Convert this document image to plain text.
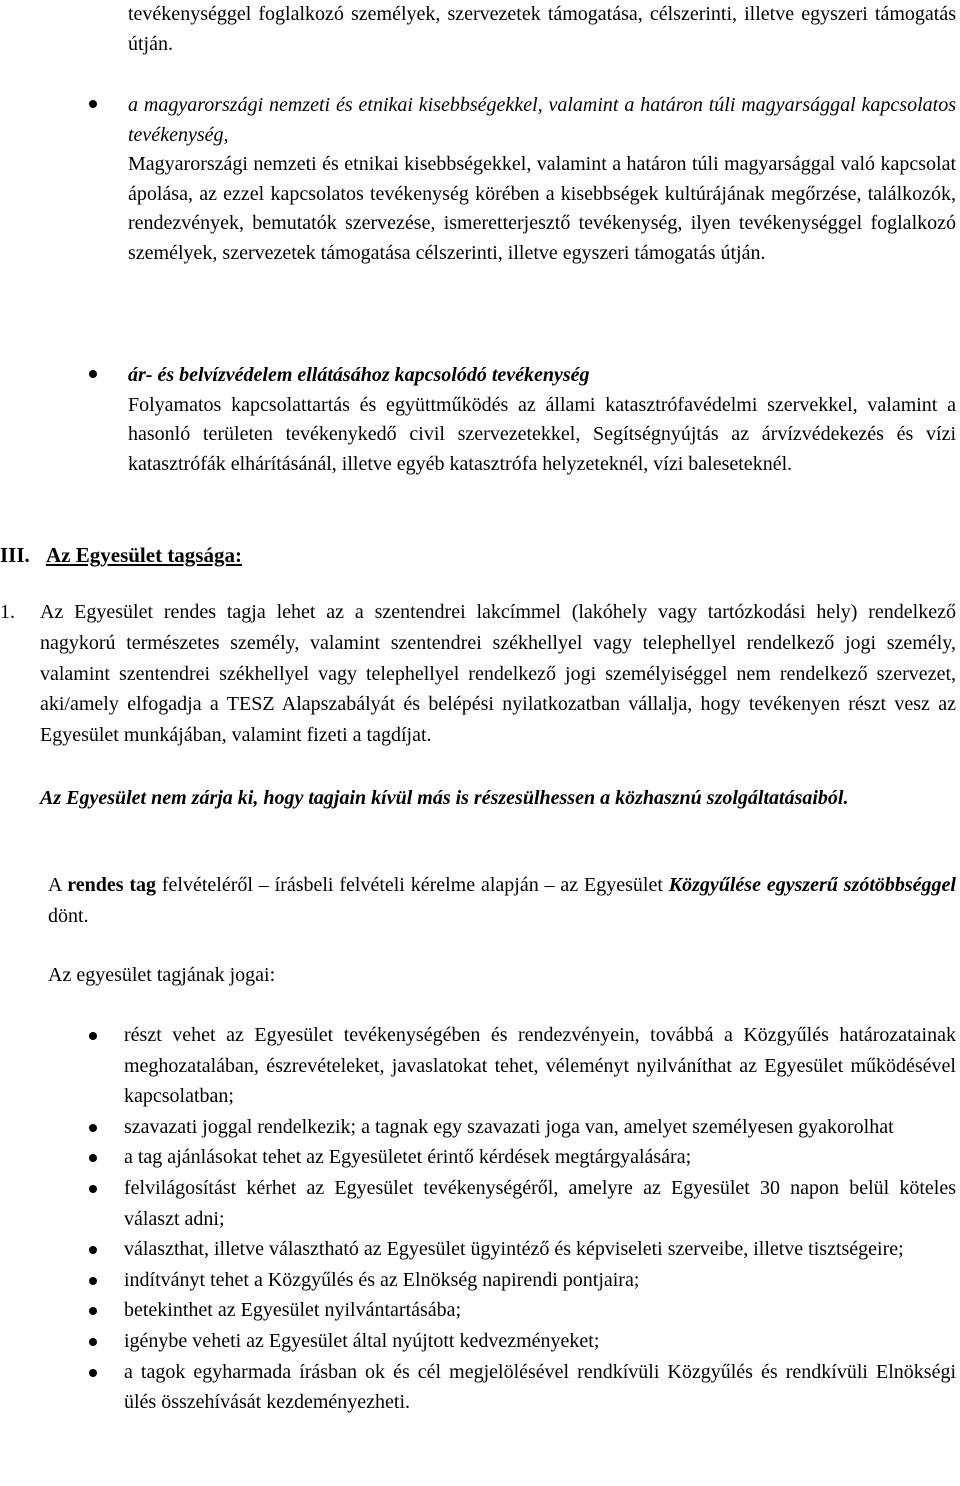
tevékenységgel foglalkozó személyek, szervezetek támogatása, célszerinti, illetve egyszeri támogatás útján.

a magyarországi nemzeti és etnikai kisebbségekkel, valamint a határon túli magyarsággal kapcsolatos tevékenység,
Magyarországi nemzeti és etnikai kisebbségekkel, valamint a határon túli magyarsággal való kapcsolat ápolása, az ezzel kapcsolatos tevékenység körében a kisebbségek kultúrájának megőrzése, találkozók, rendezvények, bemutatók szervezése, ismeretterjesztő tevékenység, ilyen tevékenységgel foglalkozó személyek, szervezetek támogatása célszerinti, illetve egyszeri támogatás útján.

ár- és belvízvédelem ellátásához kapcsolódó tevékenység
Folyamatos kapcsolattartás és együttműködés az állami katasztrófavédelmi szervekkel, valamint a hasonló területen tevékenykedő civil szervezetekkel, Segítségnyújtás az árvízvédekezés és vízi katasztrófák elhárításánál, illetve egyéb katasztrófa helyzeteknél, vízi baleseteknél.

III. Az Egyesület tagsága:
1. Az Egyesület rendes tagja lehet az a szentendrei lakcímmel (lakóhely vagy tartózkodási hely) rendelkező nagykorú természetes személy, valamint szentendrei székhellyel vagy telephellyel rendelkező jogi személy, valamint szentendrei székhellyel vagy telephellyel rendelkező jogi személyiséggel nem rendelkező szervezet, aki/amely elfogadja a TESZ Alapszabályát és belépési nyilatkozatban vállalja, hogy tevékenyen részt vesz az Egyesület munkájában, valamint fizeti a tagdíjat.
Az Egyesület nem zárja ki, hogy tagjain kívül más is részesülhessen a közhasznú szolgáltatásaiból.
A rendes tag felvételéről – írásbeli felvételi kérelme alapján – az Egyesület Közgyűlése egyszerű szótöbbséggel dönt.
Az egyesület tagjának jogai:
részt vehet az Egyesület tevékenységében és rendezvényein, továbbá a Közgyűlés határozatainak meghozatalában, észrevételeket, javaslatokat tehet, véleményt nyilváníthat az Egyesület működésével kapcsolatban;
szavazati joggal rendelkezik; a tagnak egy szavazati joga van, amelyet személyesen gyakorolhat
a tag ajánlásokat tehet az Egyesületet érintő kérdések megtárgyalására;
felvilágosítást kérhet az Egyesület tevékenységéről, amelyre az Egyesület 30 napon belül köteles választ adni;
választhat, illetve választható az Egyesület ügyintéző és képviseleti szerveibe, illetve tisztségeire;
indítványt tehet a Közgyűlés és az Elnökség napirendi pontjaira;
betekinthet az Egyesület nyilvántartásába;
igénybe veheti az Egyesület által nyújtott kedvezményeket;
a tagok egyharmada írásban ok és cél megjelölésével rendkívüli Közgyűlés és rendkívüli Elnökségi ülés összehívását kezdeményezheti.
